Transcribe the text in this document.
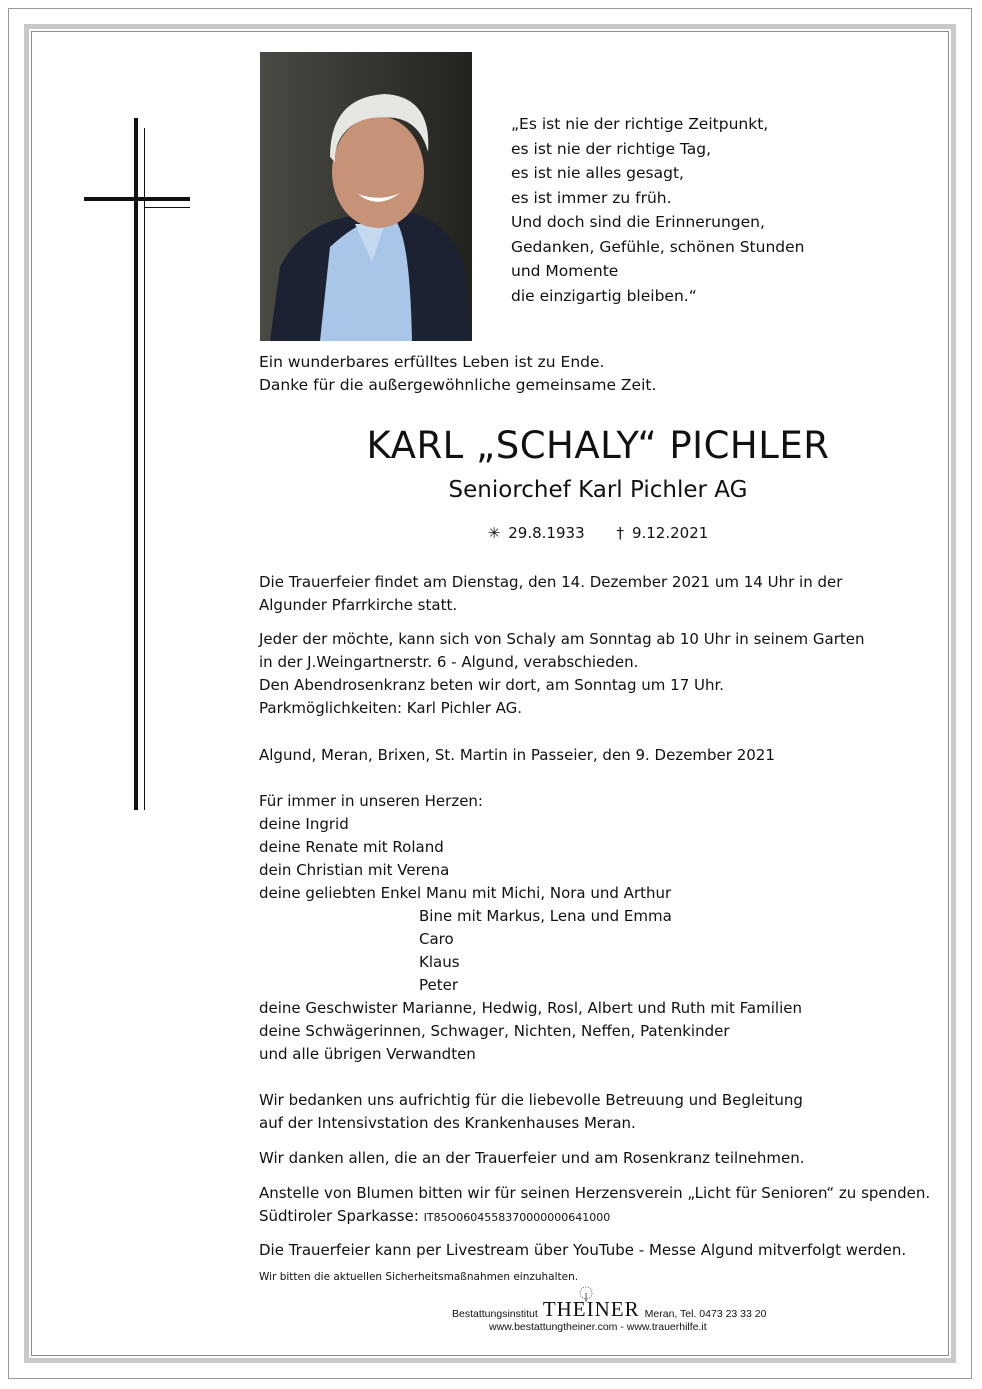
„Es ist nie der richtige Zeitpunkt,
es ist nie der richtige Tag,
es ist nie alles gesagt,
es ist immer zu früh.
Und doch sind die Erinnerungen,
Gedanken, Gefühle, schönen Stunden
und Momente
die einzigartig bleiben.“
Ein wunderbares erfülltes Leben ist zu Ende.
Danke für die außergewöhnliche gemeinsame Zeit.
KARL „SCHALY“ PICHLER
Seniorchef Karl Pichler AG
✳ 29.8.1933 † 9.12.2021
Die Trauerfeier findet am Dienstag, den 14. Dezember 2021 um 14 Uhr in der
Algunder Pfarrkirche statt.
Jeder der möchte, kann sich von Schaly am Sonntag ab 10 Uhr in seinem Garten
in der J.Weingartnerstr. 6 - Algund, verabschieden.
Den Abendrosenkranz beten wir dort, am Sonntag um 17 Uhr.
Parkmöglichkeiten: Karl Pichler AG.
Algund, Meran, Brixen, St. Martin in Passeier, den 9. Dezember 2021
Für immer in unseren Herzen:
deine Ingrid
deine Renate mit Roland
dein Christian mit Verena
deine geliebten Enkel Manu mit Michi, Nora und Arthur
Bine mit Markus, Lena und Emma
Caro
Klaus
Peter
deine Geschwister Marianne, Hedwig, Rosl, Albert und Ruth mit Familien
deine Schwägerinnen, Schwager, Nichten, Neffen, Patenkinder
und alle übrigen Verwandten
Wir bedanken uns aufrichtig für die liebevolle Betreuung und Begleitung
auf der Intensivstation des Krankenhauses Meran.
Wir danken allen, die an der Trauerfeier und am Rosenkranz teilnehmen.
Anstelle von Blumen bitten wir für seinen Herzensverein „Licht für Senioren“ zu spenden.
Südtiroler Sparkasse: IT85O0604558370000000641000
Die Trauerfeier kann per Livestream über YouTube - Messe Algund mitverfolgt werden.
Wir bitten die aktuellen Sicherheitsmaßnahmen einzuhalten.
Bestattungsinstitut THEINER Meran, Tel. 0473 23 33 20
www.bestattungtheiner.com - www.trauerhilfe.it
